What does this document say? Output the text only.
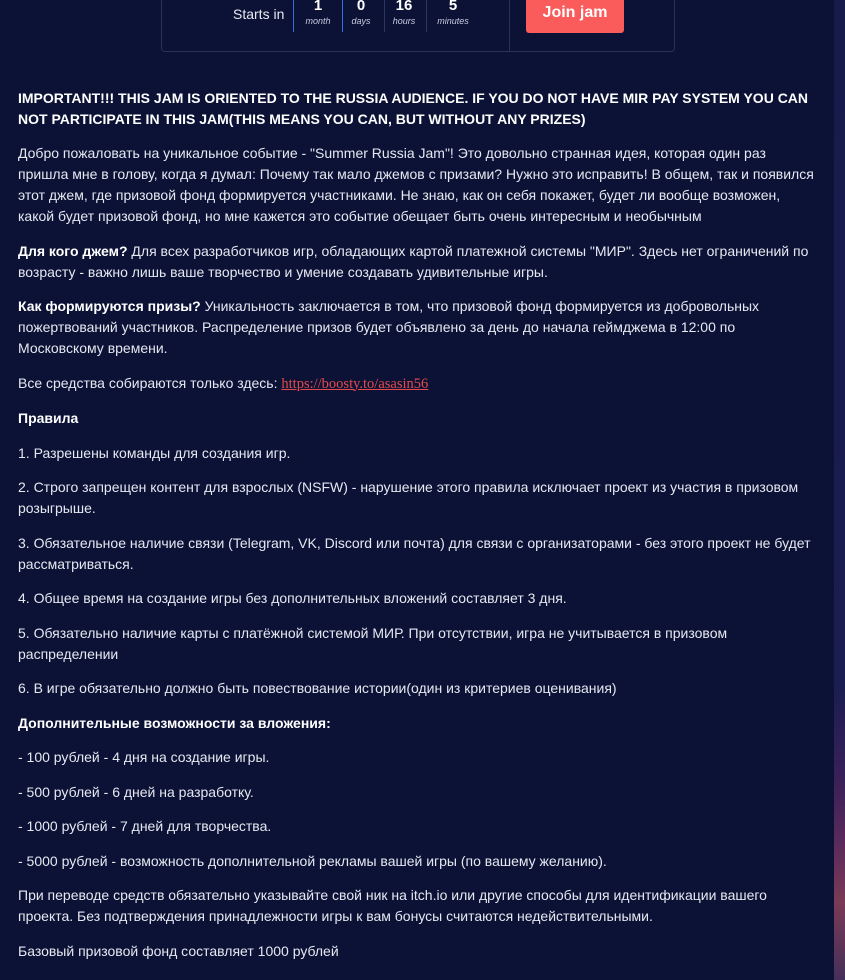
Starts in	1
month
0
days
16
hours
5
minutes	Join jam

IMPORTANT!!! THIS JAM IS ORIENTED TO THE RUSSIA AUDIENCE. IF YOU DO NOT HAVE MIR PAY SYSTEM YOU CAN NOT PARTICIPATE IN THIS JAM(THIS MEANS YOU CAN, BUT WITHOUT ANY PRIZES)

Добро пожаловать на уникальное событие - "Summer Russia Jam"! Это довольно странная идея, которая один раз пришла мне в голову, когда я думал: Почему так мало джемов с призами? Нужно это исправить! В общем, так и появился этот джем, где призовой фонд формируется участниками. Не знаю, как он себя покажет, будет ли вообще возможен, какой будет призовой фонд, но мне кажется это событие обещает быть очень интересным и необычным

Для кого джем? Для всех разработчиков игр, обладающих картой платежной системы "МИР". Здесь нет ограничений по возрасту - важно лишь ваше творчество и умение создавать удивительные игры.

Как формируются призы? Уникальность заключается в том, что призовой фонд формируется из добровольных пожертвований участников. Распределение призов будет объявлено за день до начала геймджема в 12:00 по Московскому времени.

Все средства собираются только здесь: https://boosty.to/asasin56

Правила

1. Разрешены команды для создания игр.

2. Строго запрещен контент для взрослых (NSFW) - нарушение этого правила исключает проект из участия в призовом розыгрыше.

3. Обязательное наличие связи (Telegram, VK, Discord или почта) для связи с организаторами - без этого проект не будет рассматриваться.

4. Общее время на создание игры без дополнительных вложений составляет 3 дня.

5. Обязательно наличие карты с платёжной системой МИР. При отсутствии, игра не учитывается в призовом распределении

6. В игре обязательно должно быть повествование истории(один из критериев оценивания)

Дополнительные возможности за вложения:

- 100 рублей - 4 дня на создание игры.

- 500 рублей - 6 дней на разработку.

- 1000 рублей - 7 дней для творчества.

- 5000 рублей - возможность дополнительной рекламы вашей игры (по вашему желанию).

При переводе средств обязательно указывайте свой ник на itch.io или другие способы для идентификации вашего проекта. Без подтверждения принадлежности игры к вам бонусы считаются недействительными.

Базовый призовой фонд составляет 1000 рублей
